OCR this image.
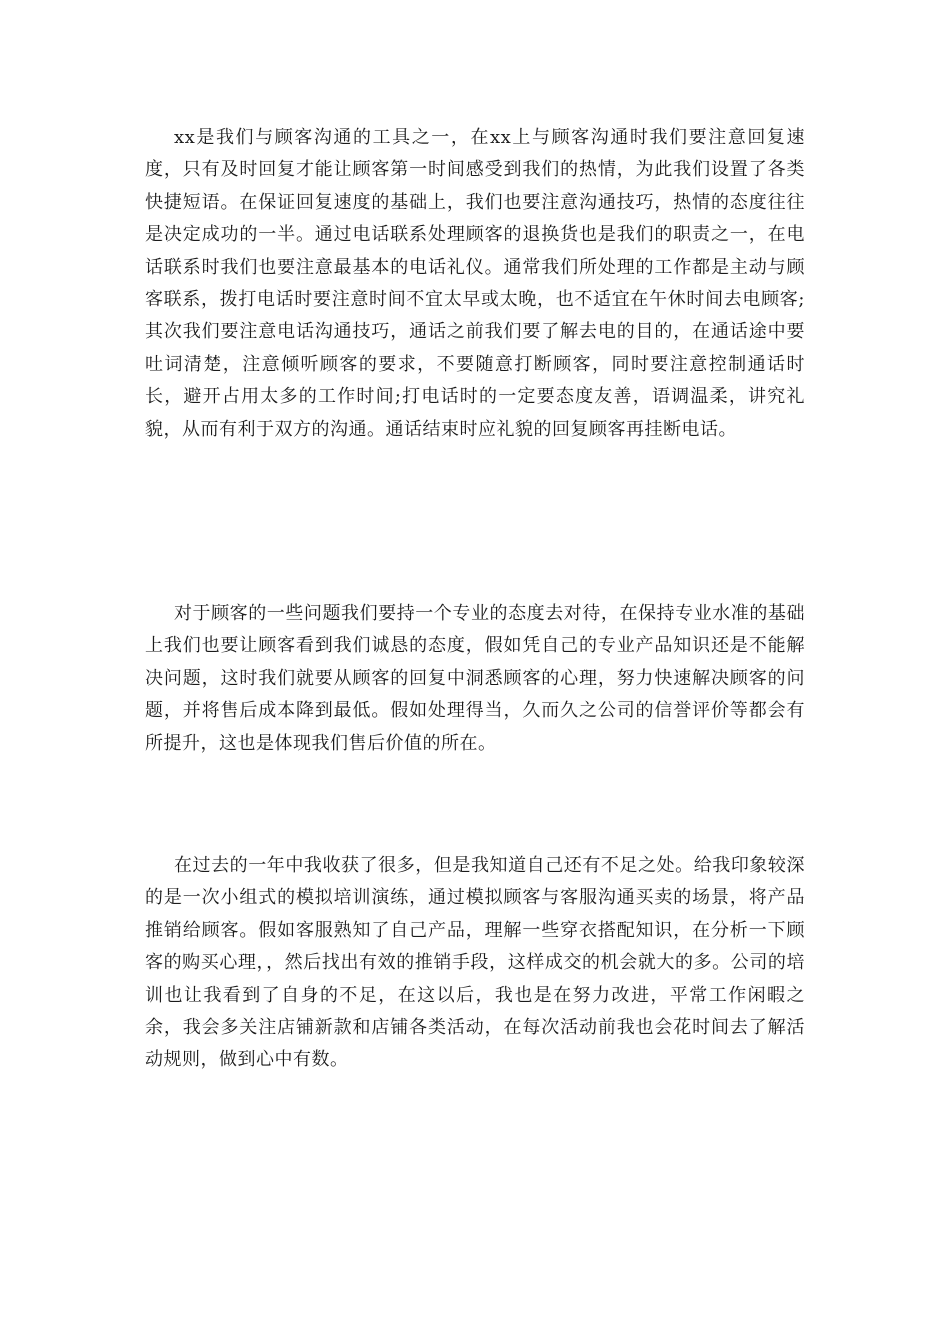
xx是我们与顾客沟通的工具之一，在xx上与顾客沟通时我们要注意回复速度，只有及时回复才能让顾客第一时间感受到我们的热情，为此我们设置了各类快捷短语。在保证回复速度的基础上，我们也要注意沟通技巧，热情的态度往往是决定成功的一半。通过电话联系处理顾客的退换货也是我们的职责之一，在电话联系时我们也要注意最基本的电话礼仪。通常我们所处理的工作都是主动与顾客联系，拨打电话时要注意时间不宜太早或太晚，也不适宜在午休时间去电顾客;其次我们要注意电话沟通技巧，通话之前我们要了解去电的目的，在通话途中要吐词清楚，注意倾听顾客的要求，不要随意打断顾客，同时要注意控制通话时长，避开占用太多的工作时间;打电话时的一定要态度友善，语调温柔，讲究礼貌，从而有利于双方的沟通。通话结束时应礼貌的回复顾客再挂断电话。

对于顾客的一些问题我们要持一个专业的态度去对待，在保持专业水准的基础上我们也要让顾客看到我们诚恳的态度，假如凭自己的专业产品知识还是不能解决问题，这时我们就要从顾客的回复中洞悉顾客的心理，努力快速解决顾客的问题，并将售后成本降到最低。假如处理得当，久而久之公司的信誉评价等都会有所提升，这也是体现我们售后价值的所在。

在过去的一年中我收获了很多，但是我知道自己还有不足之处。给我印象较深的是一次小组式的模拟培训演练，通过模拟顾客与客服沟通买卖的场景，将产品推销给顾客。假如客服熟知了自己产品，理解一些穿衣搭配知识，在分析一下顾客的购买心理，，然后找出有效的推销手段，这样成交的机会就大的多。公司的培训也让我看到了自身的不足，在这以后，我也是在努力改进，平常工作闲暇之余，我会多关注店铺新款和店铺各类活动，在每次活动前我也会花时间去了解活动规则，做到心中有数。
